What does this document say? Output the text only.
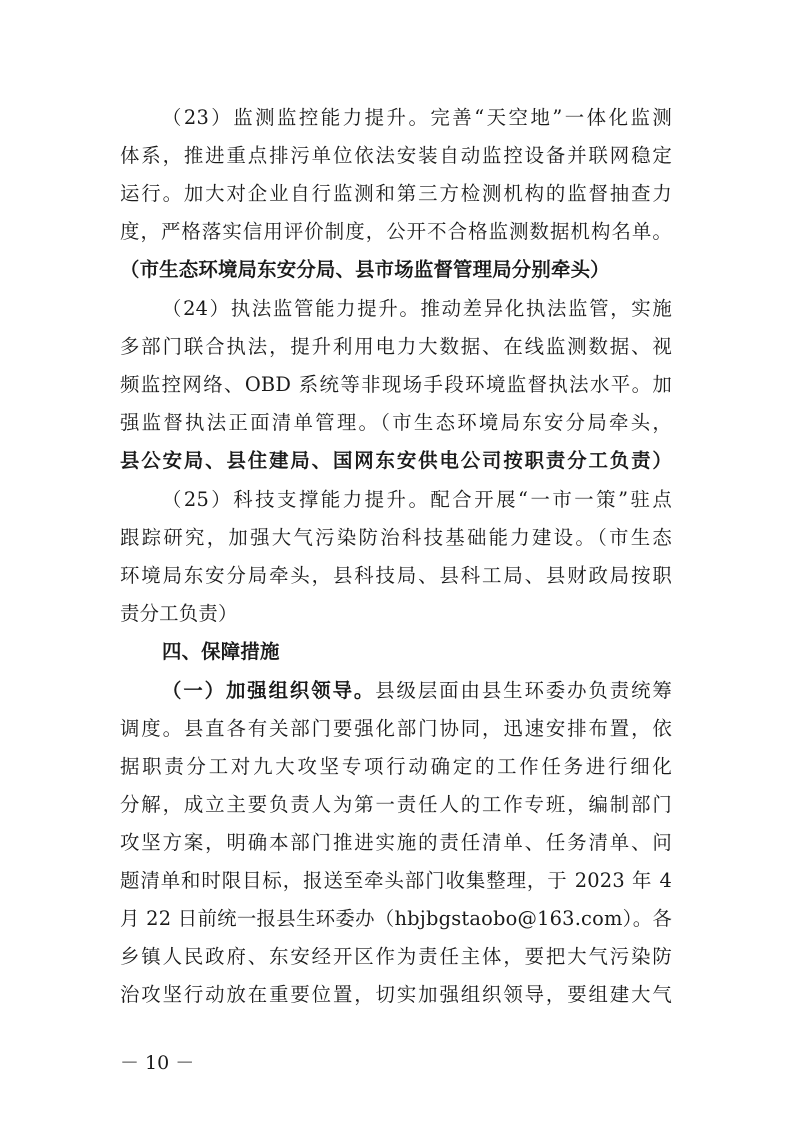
（23）监测监控能力提升。完善“天空地”一体化监测
体系，推进重点排污单位依法安装自动监控设备并联网稳定
运行。加大对企业自行监测和第三方检测机构的监督抽查力
度，严格落实信用评价制度，公开不合格监测数据机构名单。
（市生态环境局东安分局、县市场监督管理局分别牵头）
（24）执法监管能力提升。推动差异化执法监管，实施
多部门联合执法，提升利用电力大数据、在线监测数据、视
频监控网络、OBD 系统等非现场手段环境监督执法水平。加
强监督执法正面清单管理。（市生态环境局东安分局牵头，
县公安局、县住建局、国网东安供电公司按职责分工负责）
（25）科技支撑能力提升。配合开展“一市一策”驻点
跟踪研究，加强大气污染防治科技基础能力建设。（市生态
环境局东安分局牵头，县科技局、县科工局、县财政局按职
责分工负责）
四、保障措施
（一）加强组织领导。县级层面由县生环委办负责统筹
调度。县直各有关部门要强化部门协同，迅速安排布置，依
据职责分工对九大攻坚专项行动确定的工作任务进行细化
分解，成立主要负责人为第一责任人的工作专班，编制部门
攻坚方案，明确本部门推进实施的责任清单、任务清单、问
题清单和时限目标，报送至牵头部门收集整理，于 2023 年 4
月 22 日前统一报县生环委办（hbjbgstaobo@163.com）。各
乡镇人民政府、东安经开区作为责任主体，要把大气污染防
治攻坚行动放在重要位置，切实加强组织领导，要组建大气
－ 10 －
